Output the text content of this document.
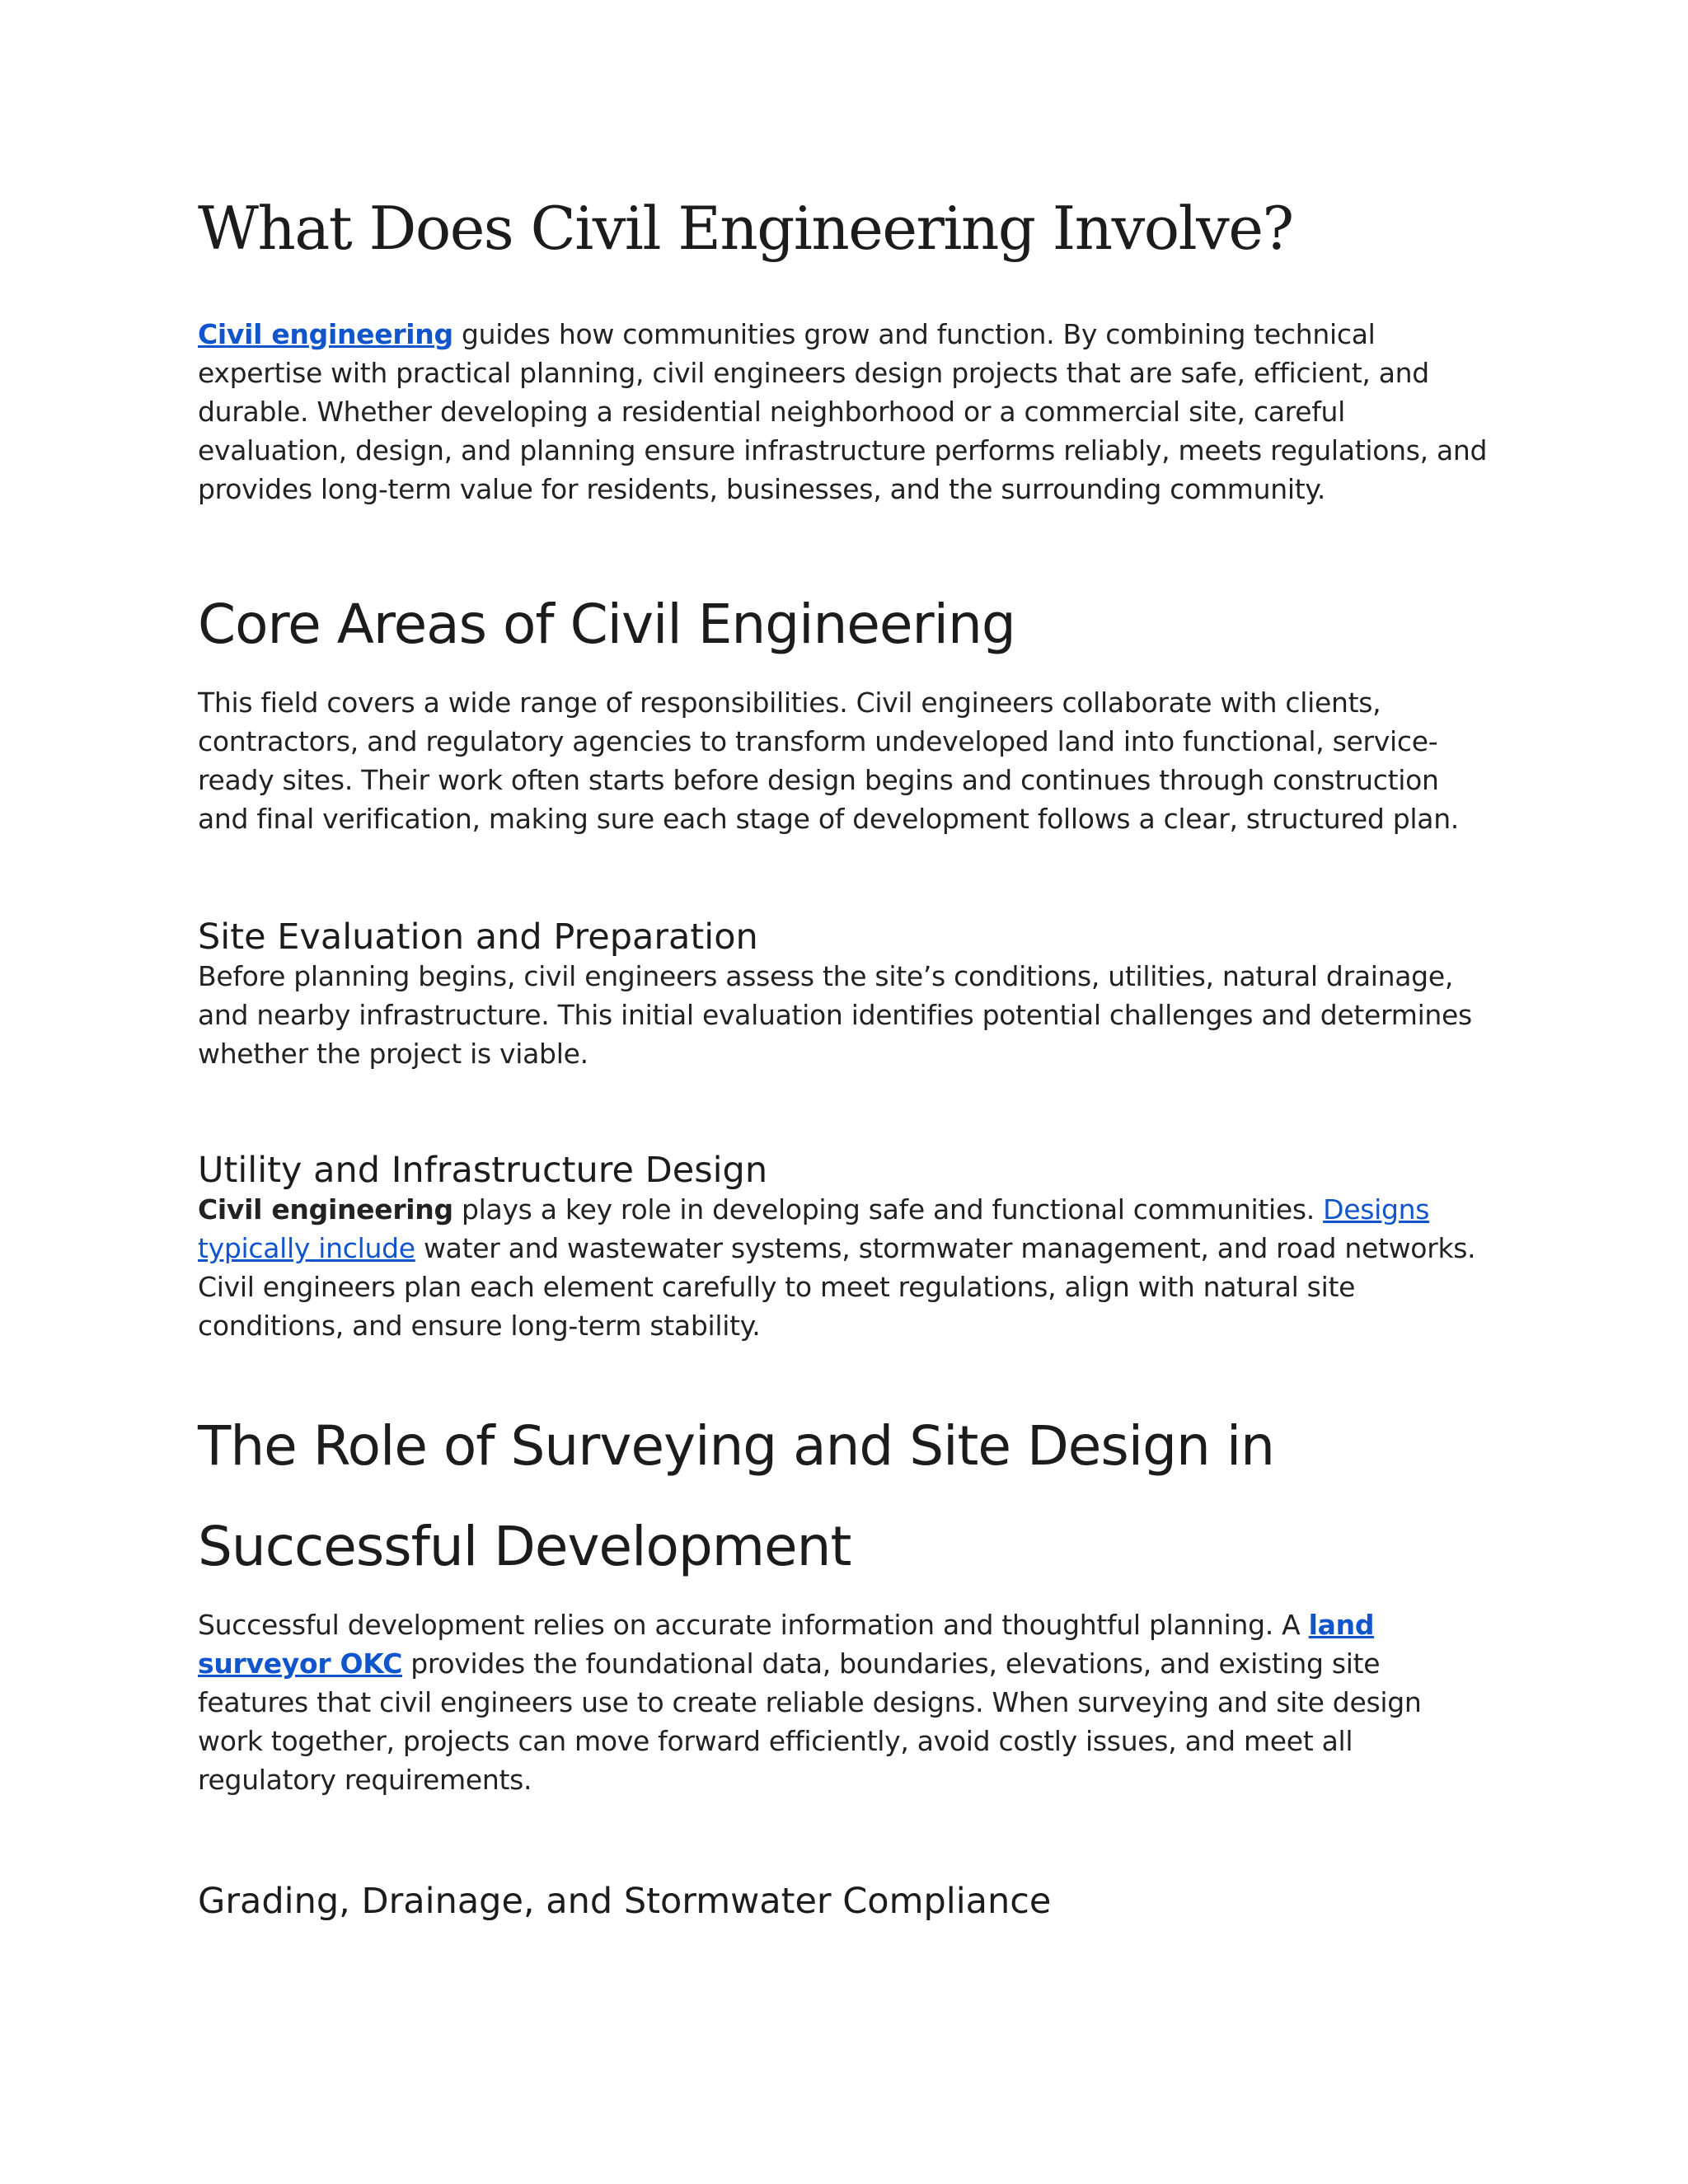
What Does Civil Engineering Involve?

Civil engineering guides how communities grow and function. By combining technical expertise with practical planning, civil engineers design projects that are safe, efficient, and durable. Whether developing a residential neighborhood or a commercial site, careful evaluation, design, and planning ensure infrastructure performs reliably, meets regulations, and provides long-term value for residents, businesses, and the surrounding community.

Core Areas of Civil Engineering

This field covers a wide range of responsibilities. Civil engineers collaborate with clients, contractors, and regulatory agencies to transform undeveloped land into functional, service-ready sites. Their work often starts before design begins and continues through construction and final verification, making sure each stage of development follows a clear, structured plan.

Site Evaluation and Preparation

Before planning begins, civil engineers assess the site’s conditions, utilities, natural drainage, and nearby infrastructure. This initial evaluation identifies potential challenges and determines whether the project is viable.

Utility and Infrastructure Design

Civil engineering plays a key role in developing safe and functional communities. Designs typically include water and wastewater systems, stormwater management, and road networks. Civil engineers plan each element carefully to meet regulations, align with natural site conditions, and ensure long-term stability.

The Role of Surveying and Site Design in Successful Development

Successful development relies on accurate information and thoughtful planning. A land surveyor OKC provides the foundational data, boundaries, elevations, and existing site features that civil engineers use to create reliable designs. When surveying and site design work together, projects can move forward efficiently, avoid costly issues, and meet all regulatory requirements.

Grading, Drainage, and Stormwater Compliance
